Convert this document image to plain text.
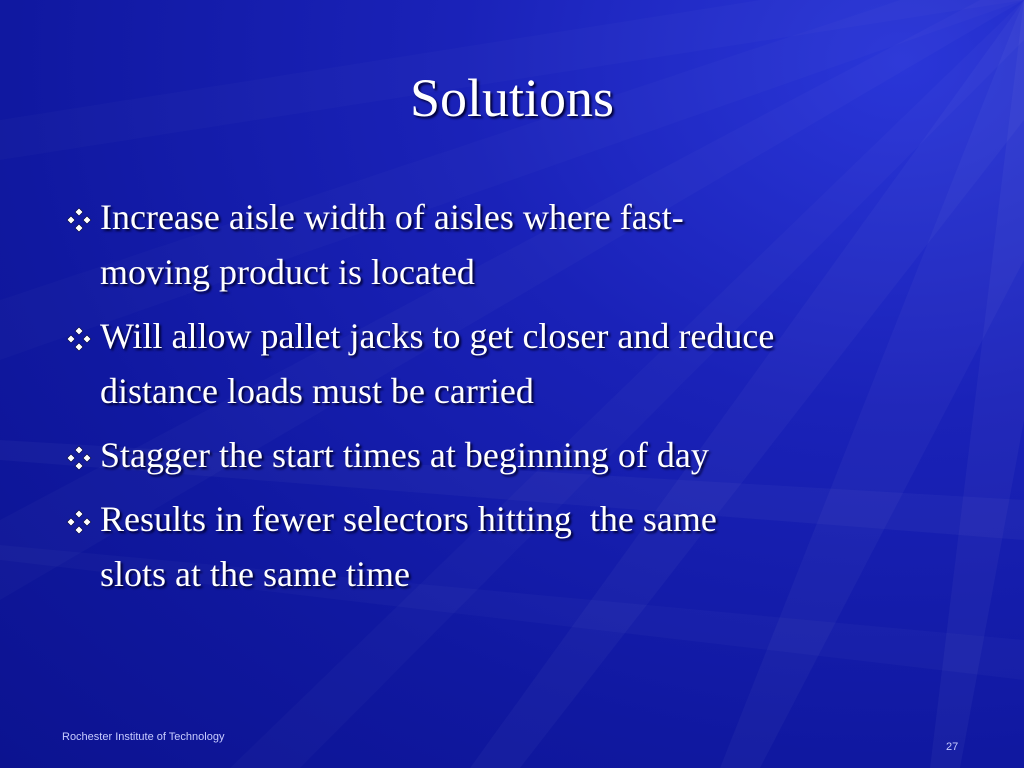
Solutions
Increase aisle width of aisles where fast-
moving product is located
Will allow pallet jacks to get closer and reduce
distance loads must be carried
Stagger the start times at beginning of day
Results in fewer selectors hitting  the same
slots at the same time
Rochester Institute of Technology
27
